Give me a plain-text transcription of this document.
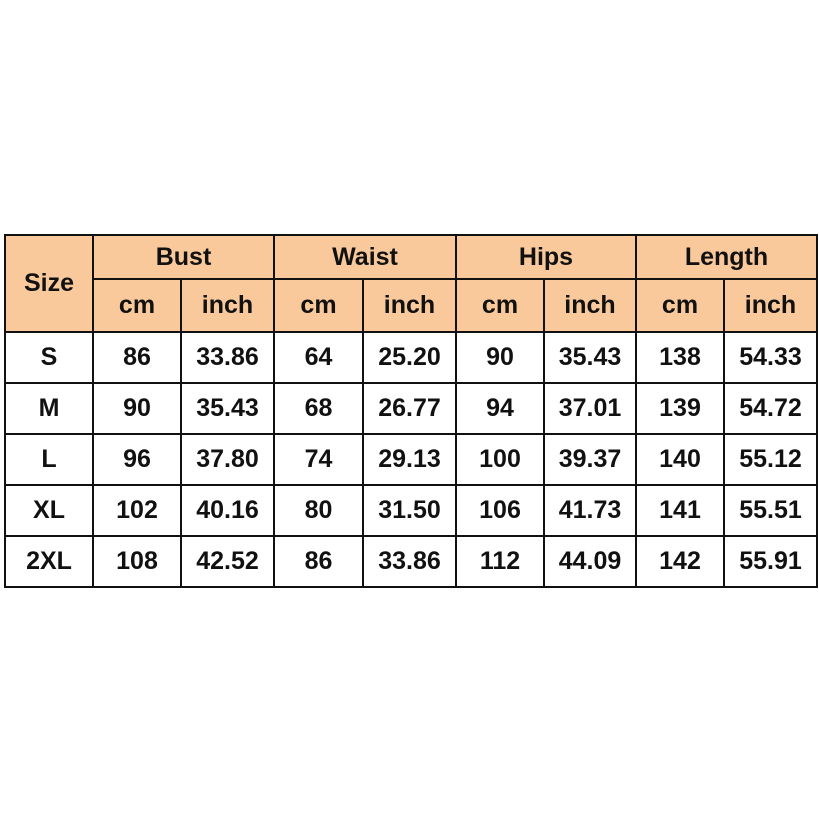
Size	Bust		Waist		Hips		Length	
	cm	inch	cm	inch	cm	inch	cm	inch
S	86	33.86	64	25.20	90	35.43	138	54.33
M	90	35.43	68	26.77	94	37.01	139	54.72
L	96	37.80	74	29.13	100	39.37	140	55.12
XL	102	40.16	80	31.50	106	41.73	141	55.51
2XL	108	42.52	86	33.86	112	44.09	142	55.91
